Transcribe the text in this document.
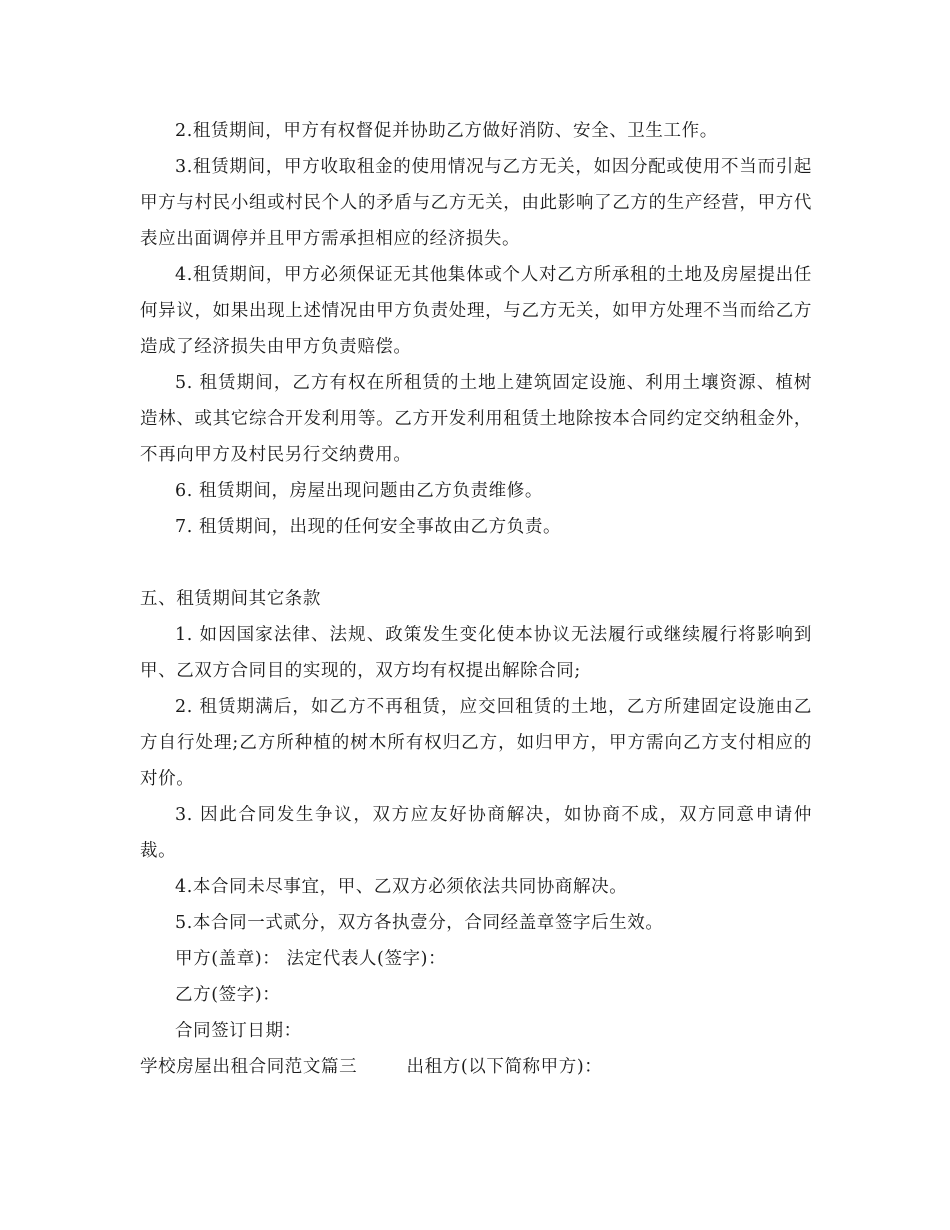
2.租赁期间，甲方有权督促并协助乙方做好消防、安全、卫生工作。

3.租赁期间，甲方收取租金的使用情况与乙方无关，如因分配或使用不当而引起甲方与村民小组或村民个人的矛盾与乙方无关，由此影响了乙方的生产经营，甲方代表应出面调停并且甲方需承担相应的经济损失。

4.租赁期间，甲方必须保证无其他集体或个人对乙方所承租的土地及房屋提出任何异议，如果出现上述情况由甲方负责处理，与乙方无关，如甲方处理不当而给乙方造成了经济损失由甲方负责赔偿。

5. 租赁期间，乙方有权在所租赁的土地上建筑固定设施、利用土壤资源、植树造林、或其它综合开发利用等。乙方开发利用租赁土地除按本合同约定交纳租金外，不再向甲方及村民另行交纳费用。

6. 租赁期间，房屋出现问题由乙方负责维修。

7. 租赁期间，出现的任何安全事故由乙方负责。

五、租赁期间其它条款

1. 如因国家法律、法规、政策发生变化使本协议无法履行或继续履行将影响到甲、乙双方合同目的实现的，双方均有权提出解除合同;

2. 租赁期满后，如乙方不再租赁，应交回租赁的土地，乙方所建固定设施由乙方自行处理;乙方所种植的树木所有权归乙方，如归甲方，甲方需向乙方支付相应的对价。

3. 因此合同发生争议，双方应友好协商解决，如协商不成，双方同意申请仲裁。

4.本合同未尽事宜，甲、乙双方必须依法共同协商解决。

5.本合同一式贰分，双方各执壹分，合同经盖章签字后生效。

甲方(盖章)： 法定代表人(签字)：

乙方(签字)：

合同签订日期：

学校房屋出租合同范文篇三	出租方(以下简称甲方)：
